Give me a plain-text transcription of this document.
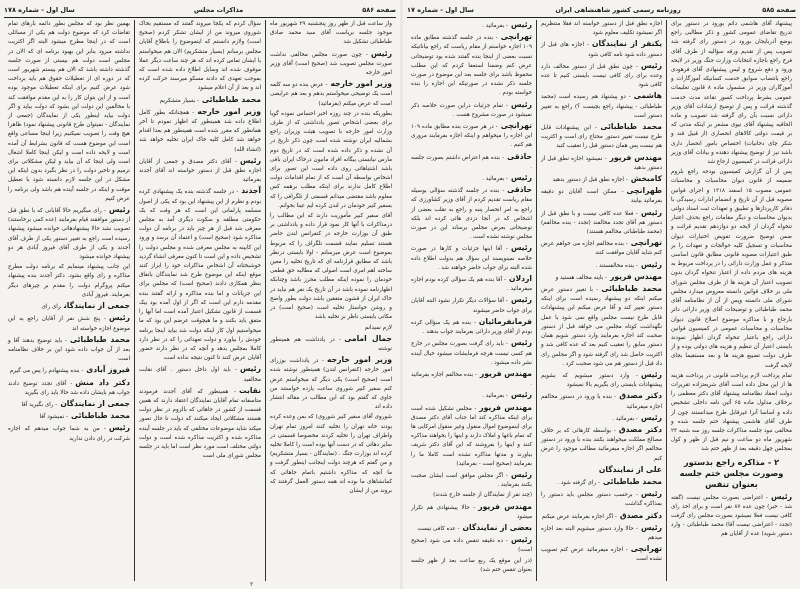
صفحه ۵۸۶
مذاکرات مجلس
سال اول - شماره ۱۷۸

واز ساعت قبل از ظهر روز پنجشنبه ۲۹ شهریور ماه موجود جلسه بریاست آقای سید محمد صادق طباطبائی تشکیل شد

رئیس- چون صورت مجلس مخالفی نداشت صورت مجلس تصویب شد (صحیح است) آقای وزیر امور خارجه

وزیر امور خارجه- عرض بنده دو سه کلمه است یک توضیحی میخواستم بدهم و بعد هم عرایضی است که عرض میکنم (بفرمائید)

بطوریکه بنده در چند روزه اخیر احساس نموده گویا برای بعضی اشخاص تصور یادداشتی که از طرف وزارت امور خارجه با تصویب هیئت وزیران راجع بشمالیه ایران نوشته شده است چون ذکر تاریخ در آن نشده و ذکر داده شده است که در تاریخ دوم مارس نیابستی بیگانه افراد مانیون درخاک ایران باقی باشد اشتباهاتی روی داده است این تصور برای اشخاص بواسطه آن است که از تمام اقدامات دولت اطلاع کامل ندارند برای اینکه مطلب برهمه کس معلوم باشد مقتضی میدانم قسمتی از تلگرافی را که بسفیر کبیر خودمان در لندن کرده ایم عینا بخوانم.

آقای سفیر کبیر مأموریت دارند که این مطالب را درمذاکرات با آنها کار نمود قرار داده و یادداشتی بر طبق آن بوزارت خارجه در کنفرانس لندن حاضر هستند تسلیم نمایند قسمت تلگراف را که مربوط بموضوع است عرض میرسانم - اولا بایستی درنظر باشد که مطابق قرارنامه ای که تاریخ تخلیه را معین ساخته اهم امری است اصولی که مطالبه حق قطعی خودمان را نموده اینکه مطلب محرز باشد وچنانکه اظهارنامه نموده باشد در آن تاریخ یک نفر هم نباید در خاک ایران از قشون متفقین باشد دولت بطور واضح و روشن خواستار تخلیه است (صحیح است) در مکانی بایستی ناظر بر تخلیه باشد

لازم نمیدانم

جمال امامی- در یادداشت هم همینطور نوشته

وزیر امور خارجه- در یادداشت بوزرای امور خارجه (کنفرانس لندن) همینطور نوشته شده است (صحیح است) یکی دیگر که میخواستم عرض کنم سفیر کبیر شوروی ساعت یازده خواستند من جاوی که گفتم بود که این مطالب در مقاله انتشار داده اند

شوروی آقای سفیر کبیر شوروی) که بمن وعده کرده بودند خانه تهران را تخلیه کنند امروز تمام تهران واطراف تهران را تخلیه کردند مخصوصا قسمتی در سایر دهاتی که در دست آنها بوده است را کاملا تخلیه کرده اند بوزارت جنگ . (نمایندگان - بسیار متشکریم) و من گفتم که هرچند دولت اینجانب اینطور گرفت و ما آنچه که مذاکره داشتیم باتمام جاهائی که کمانشاهای ما بوده اند همه دستور العمل گرفتند که بروند من از ایشان

سؤال کردم که یکجا میروند گفتند که مستقیم بخاک شوروی میروند من از ایشان تشکر کردم (صحیح است) ولازم دانستم که اینموضوع را باطلاع آقایان مجلس برسانم (بسیار متشکریم) الان هم میخواستم با ایشان تماس کرده اند که هر چند ساعت دیگر عملا موقوف شده اند وسایل اطلاع داده شده است که بموجب تعهدی که دادند مسکو میرسند حرکت کرده اند و بعد از آن اعلام میشود

محمد طباطبائی- بسیار متشکریم

وزیر امور خارجه- همچنانکه بطور کامل اطلاع داده شد همینطور که اظهار نمودم تا آخر همانطور که مقرر شده است همینطور هم بعدا اقدام خواهد شد کامل کلیه خاک ایران تخلیه خواهد شد (انشاء الله)

رئیس- آقای دکتر مصدق و جمعی از آقایان اجازه نطق قبل از دستور خواسته اند آقای آجدند بفرمائید

آجدند- در جلسه گذشته بنده یک پیشنهادی کرده بودم و نظرم از این پیشنهاد این بود که یکی از اصول مسلمه پارلمانی این است که هر وقت که یک حکومتی مطلقه و سکوت دیگری آمد به مجلس معرفی شد قبل از هر چیز باید در برنامه آن دولت مذاکره شود (صحیح است) و اعتماد آن برسد و ورود این کابینه به مجلس معرفی شده و مجلس دولت را تشخیص داده و این است تا کنون معرفی انشاء گردید خوشبختانه آن اشخاص مذاکرات خود را ابراز کنند موقع اینکه این موضوع طرح شد نمایندگان باتفاق بنظر همکاری دادند (صحیح است) که مجلس برای این جریانات و اما بنده مذاکره و ارائه گفتند بنده مقدمه دارم این است که اگر از اول آمده بود بیک قسمت از قانون تشکیل اعتبار آمده است اما آنها را متفق باید بکنند و ما هیچوقت عرضم این بود که ما میخواستیم اول کار اینکه دولت شد بیاید اینجا برنامه خودش را بیاورد و دولت تعهداتی را که در نظر دارد کاملا بمجلس بدهد و آنچه که در نظر دارند حضور آقایان عرض کنند تا کنون نتیجه نداده است

رئیس- باید اول داخل دستور . آقای نقابت مخالفید

نقابت- همینطور که آقای آجدند فرمودند متاسفانه تمام آقایان نمایندگان اعتقاد دارند که همین قسمت از کشور در جاهائی که بالزوم در نظر دولت هستند مشکلاتی ایجاد میکنند که دولت تا حال تصور میکند شاید موضوعات مختلفی که باید در جلسه آینده مذاکره شده و اکثریت مذاکره شده است و دولت دولتی مختلف است مورد نظر است اما باید در جلسه مجلس شورای ملی است

بهمین نظر بود که مجلس بطور دائمه بارهای تمام تقاضات کرد که موضوع دولت هم یکی از مسائلی است که در اینجا مطرح میشود البته اگر اکثریت نداشته میرود بنابر این بهبود برنامه ای که الان در مجلس است دولت هم بیستی از صورت جلسه گذشته داشته باشد که الان هم بیستم شهریور است که در دوره ای از تعطیلات حقوق هم باید برداخت شود عرض کنیم برای اینکه تعطیلات موجود بوده است و از این بتوان کار را به این مقدم موافقت کند با مخالفین این دولت این بشود که دولت بیاید و اگر دولت بیاید اینطور یکی از نمایندگان (جمعی از نمایندگان - نمیتوان طرح قانونی پیشنهاد نمود) ظاهرا هیچ وقت را تصویب نمیکنیم زیرا اینجا مساعی واقع است این موضوع هست که قانون بشرایط آن آمده است و لایحه داده است و لیکن اینجا کاملا اشغال است ولی اینجا که آن بیاید و لیکن مشکلاتی برای ترمیم و تاخیر دولت را در نظر بگیرد بدون اینکه این مشکل در این جلسه لازم دانسته شود با تعطیل موقت و اینکه در جلسه آینده هم باشد ولی برنامه را عرض کنیم

رئیس- رای میگیریم حالا آقایانی که با نطق قبل از دستور موافقند قیام بفرمایند (عده کمی برخاستند) تصویب نشد حالا پیشنهادهائی خوانده میشود پیشنهاد رسیده است راجع به تغییر دستور یکی از طرف آقای آجدند و یکی از طرف آقای فیروز آبادی هر دو پیشنهاد خوانده میشود

این جانب پیشنهاد مینمایم که برنامه دولت مطرح مذاکره و رای واقع بشود. دکتر آجدند بنده پیشنهاد میکنم پروگرام دولت را مقدم بر چیزهای دیگر بفرمایند. فیروز آبادی

جمعی از نمایندگانرای رای

رئیس- پنج شش نفر از آقایان راجع به این موضوع اجازه خواسته اند

محمد طباطبائی- باید توضیح بدهند آقا و بعد از آن جواب داده شود این بر خلاف نظامنامه است

فیروز آبادی- بنده پیشنهادم را پس می گیرم

دکتر داد منش- آقای تجدد توضیح دادند جواب هم بایشان داده شد حالا باید رای بگیرید

جمعی از نمایندگان- رای بگیرید آقا

محمد طباطبائی- نمیشود آقا

رئیس- من به شما جواب میدهم که اجازه شرکت در رای دادن ندارید

۲
صفحه ۵۸۵
روزنامه رسمی کشور شاهنشاهی ایران
سال اول - شماره ۱۷

پیشنهاد آقای هاشمی دائم بورود در دستور برای تدریج تقاضای عمومی کشور و ذکر مطالبی راجع بوضع آذربایجان بورود در دستور رای گرفته شد تصویب پس از تقدیم ورقه سؤالیه از طرف آقای فرخ راجع باجازه انتخابات وزارت جنگ وزیر در لایحه ورود و دفع شروع و لیس پیشنهادی آقای فرهودی راجع بانتصاب سوابق خدمت کسانیکه آموزگارات و آموزگاران وزیر در مشمول ماده ۸ قانون تعلیمات عمومی بشرط پرداخت کسور تقاعد مدت خدمت گذشته قرائت و پس از توضیح ارشادات آقای وزیر دارائی نسبت بآن رای گرفته شد تصویب و ماده الحاقیه پیشنهاد آقای نیوی مشعر بر اینکه مدتی که بر قیمت دولتی کالاهای انحصاری (از قبیل قند و شکر چای دخانیات) اختصاص بامور انحصار داری باشد نیز از توضیح پیشنهاد دهنده و بیانات آقای وزیر دارائی قرائت در کمیسیون ارجاع شد

پس از آن گزارش کمیسیون بودجه راجع بلزوم ضمیمه از قانون دیوان محاسبات و محاسبات عمومی مصوب ۱۵ اسفند ۱۳۱۸ و اجرای قوانین مصوبه قبل از آن تاریخ و انضمام ادارات رسیدگی با دفاتر کارپردازها و تطبیق و تعهدات ثبت اسناد دولتی بدیوان محاسبات و دیگر مقامات راجع بحذف اعتبار تنخواه گردان از لایحه دو دوازدهم تقدیم قرائت و ضمن توضیح ضرورت تفویض اختیارات دیوان محاسبات و تسجیل کلیه حوالجات و تعهدات را بر طبق اعتبارات مصوبه قانونی مطابق قانون اساسی متذکر و عمل وزارت دارائی را در پرداخت مربوط به هزینه های مردم داده از اعتبار تنخواه گردان بدون تصویب اعتبار آن هزینه ها از طرف مجلس شورای ملی بر خلاف قوانین دانسته معروض میدارد مجلس شورای ملی دانسته وپس از آن از نظامنامه آقای محمد طباطبائی و توضیحات آقای وزیر دارائی دائر بارجاع و با مذاکره موضوع اصلاح قانون دیوان محاسبات و محاسبات عمومی در کمیسیون قوانین دارائی راجع باعتبار تنخواه گردان اظهار نمودند بایستی اعتبار آن تنظیم و هزینه های دولتی بوده و از طرف دولت تضییع هزینه ها و بعد مستقیما بجای لایحه گرفت

تمام پرداخت لازم پرداخت قانونی در پرداخت هزینه ها از این محل داده است آقای شریعتزاده تقریرات دولت انعقاد نظامنامه پیشنهاد آقای دکتر معظمی را برخلاف مدلول ماده ۶۵ آئین نامه داخلی تشخیص داده و اساسا آنرا غیرقابل طرح میدانستند چون از طرف آقای هاشمی پیشنهاد ختم جلسه شده و مخالفی نبود جلسه مذاکرات جلسه روز سه شنبه ۲۳ شهریور ماه دو ساعت و نیم قبل از ظهر و کول بمجلس چهل دقیقه بعد از ظهر ختم شد

۲ - مذاکره راجع بدستور وصورت مجلس ختم جلسه بعنوان تنفس

رئیس- اعتراضی بصورت مجلس نیست (گفته شد - خیر) چون عده ۸۷ نفر است و برای اخذ رای کافی نیست فعلا نمیشود بصورت مجلس رای گرفت (تجدد - اعتراضی نیست آقا) محمد طباطبائی - وارد دستور شوید) عده از آقایان هم

اجازه نطق قبل از دستور خواسته اند فقلا منتظریم اگر نمیشود تکلیف معلوم شود

یکنفر از نمایندگان- اجازه های قبل از دستور داده شود نامه کافی شود

رئیس- چون نطق قبل از دستور مخالف دارد وعده برای رای کافی نیست بایستی کنیم تا عده کافی شود

هاشمی- دو پیشنهاد هم رسیده است (محمد طباطبائی - پیشنهاد راجع بچیست ؟) راجع به تغییر دستور است

محمد طباطبائی- این پیشنهادات قابل طرح نیست تغییر دستور محتاج رای است و اکثریت هم نیست پس همان دستور قبل را تعقیب کنید

مهندس فریور- نمیشود اجازه نطق قبل از دستور بدهید

کامبخش- اجازه نطق قبل از دستور بدهید

طهرانچی- ممکن است آقایان دو دقیقه بفرمائید بیایند

رئیس- فعلا عده کافی نیست و با نطق قبل از دستور هم آقای تجدد مخالفند (تجدد - بنده مخالفم) (محمد طباطبائی مخالفم هستند)

تهرانچی- بنده مخالفم اجازه می خواهم عرض کنم شاید آقایان موافقت کنند

رئیس- بنده مخالفستند .

مهندس فریور- باینه مخالف هستید و

محمد طباطبائی- با تغییر دستور عرض میکنم اینکه دو پیشنهاد رسیده است برای اینکه دستور تغییر کند و آقا عرض میکنم این پیشنهادات قابل طرح نیست مجلس واقع نمی شود با عمل نگهداشت کوتاه مجلس می خواهد قبل از دستور صحبت کند اجازه بفرمایند وارد دستور شویم همان دستور سابق را تعقیب کنیم بعد که عده کافی شد و اکثریت حاصل شد رای گرفته شود و اگر مجلس رای داد قبل از دستور هم می شود صحبت کرد .

رئیس- وارد دستور میشویم که بشویم پیشنهادات بایستی رای بگیریم بالا نمیشود

دکتر مصدق- بنده با ورود در دستور مخالفم اجازه میفرمائید

رئیس- بفرمائید .

دکتر مصدق- بواسطه کارهائی که بر خلاف مصالح مملکت میخواهند بکنند بنده با ورود در دستور مخالفم اگر اجازه میفرمائید مطالب موجود را عرض کنم

علی از نمایندگان

محمد طباطبائی- رای گرفته شود .

رئیس- برحسب دستور مجلس باید دستور را بمذاکره گذاشت

دکتر مصدق- اگر اجازه بفرمایند عرض میکنم

رئیس- حالا وارد دستور میشویم البته بعد اجازه میدهم

تهرانچی- اجازه میفرمائید عرض کنم تصویب نشده است

رئیس- بفرمائید .

تهرانچی- بنده در جلسه گذشته مطابق ماده ۱۰۹ اجازه خواستم از مقام ریاست که راجع بیاناتیکه نسبت بعضی از اینجا بنده گفتند شده بود توضیحاتی عرض کنم وضمنا استعفا کردم که این مطلب محفوظ باشد برای جلسه بعد این موضوع در صورت جلسه ذکر نشده در صورتیکه این اجازه را بنده خواسته بودم .

رئیس- تمام جزئیات دراین صورت خلاصه ذکر نمیشود در صورت مشروح هست .

تهرانچی- در هر صورت بنده مطابق ماده ۱۰۹ این اجازه را میخواهم و اینکه اجازه بفرمایند مروری هم کنیم .

حاذقی- بنده هم اعتراض داشتم بصورت جلسه .

رئیس- بفرمائید .

حاذقی- بنده در جلسه گذشته سؤالی بوسیله مقام ریاست تقدیم کردم از آقای وزیر کشاورزی که راجع به امر انحصار پنبه و راجع به تقلب بعضی از اشخاص که در آنجا دزدی هائی کرده اند بلکه توضیحاتی بعرض مجلس برساند این در صورت مجلس نوشته نشده است .

رئیس- آقا اینها جزئیات و کارها در صورت خلاصه نمینویسند این سؤال هم بدولت اطلاع داده شده البته برای جواب حاضر خواهند شد .

اردلان- آقا بنده هم یک سؤالی کرده بودم اجازه میفرمائید .

رئیس- آقا سؤالات دیگر تکرار نشود البته آقایان برای جواب حاضر میشوند

فرمانفرمائیان- بنده هم یک سؤالی کرده بودم از آقای وزیر دارائی بفرمایند جواب بدهند .

رئیس- باید رای گرفت بصورت مجلس در خارج هم کسی نیست هرچه فرمایشات میشود خیال آینده نشر داده میشود .

مهندس فریور- بنده مخالفم اجازه بفرمائید .

رئیس- بفرمائید .

مهندس فریور- مجلس تشکیل شده است برای اینکه مذاکره کند اما جناب آقای دکتر مصدق برای اینموضوع اموال منقول وغیر منقول امرکایی ها که تمام باغها و املاک دارند و اینها را بخواهند مذاکره کنند و اینها را بفروشند که این آقای دکتر شریف بیاورند و مدتها مذاکره نشده است کاملا ما را بفرمایند (صحیح است - بفرمائید)

رئیس- اگر مجلس موافق است ایشان صحبت بکنند بفرمایند .

(چند نفر از نمایندگان از جلسه خارج شدند)

مهندس فریور- حالا پیشنهادی هم تکرار میشود

بعضی از نمایندگان- عده کافی نیست

رئیس- ده دقیقه تنفس داده می شود (صحیح است)

(در این موقع یک ربع ساعت بعد از ظهر جلسه بعنوان تنفس ختم شد)
